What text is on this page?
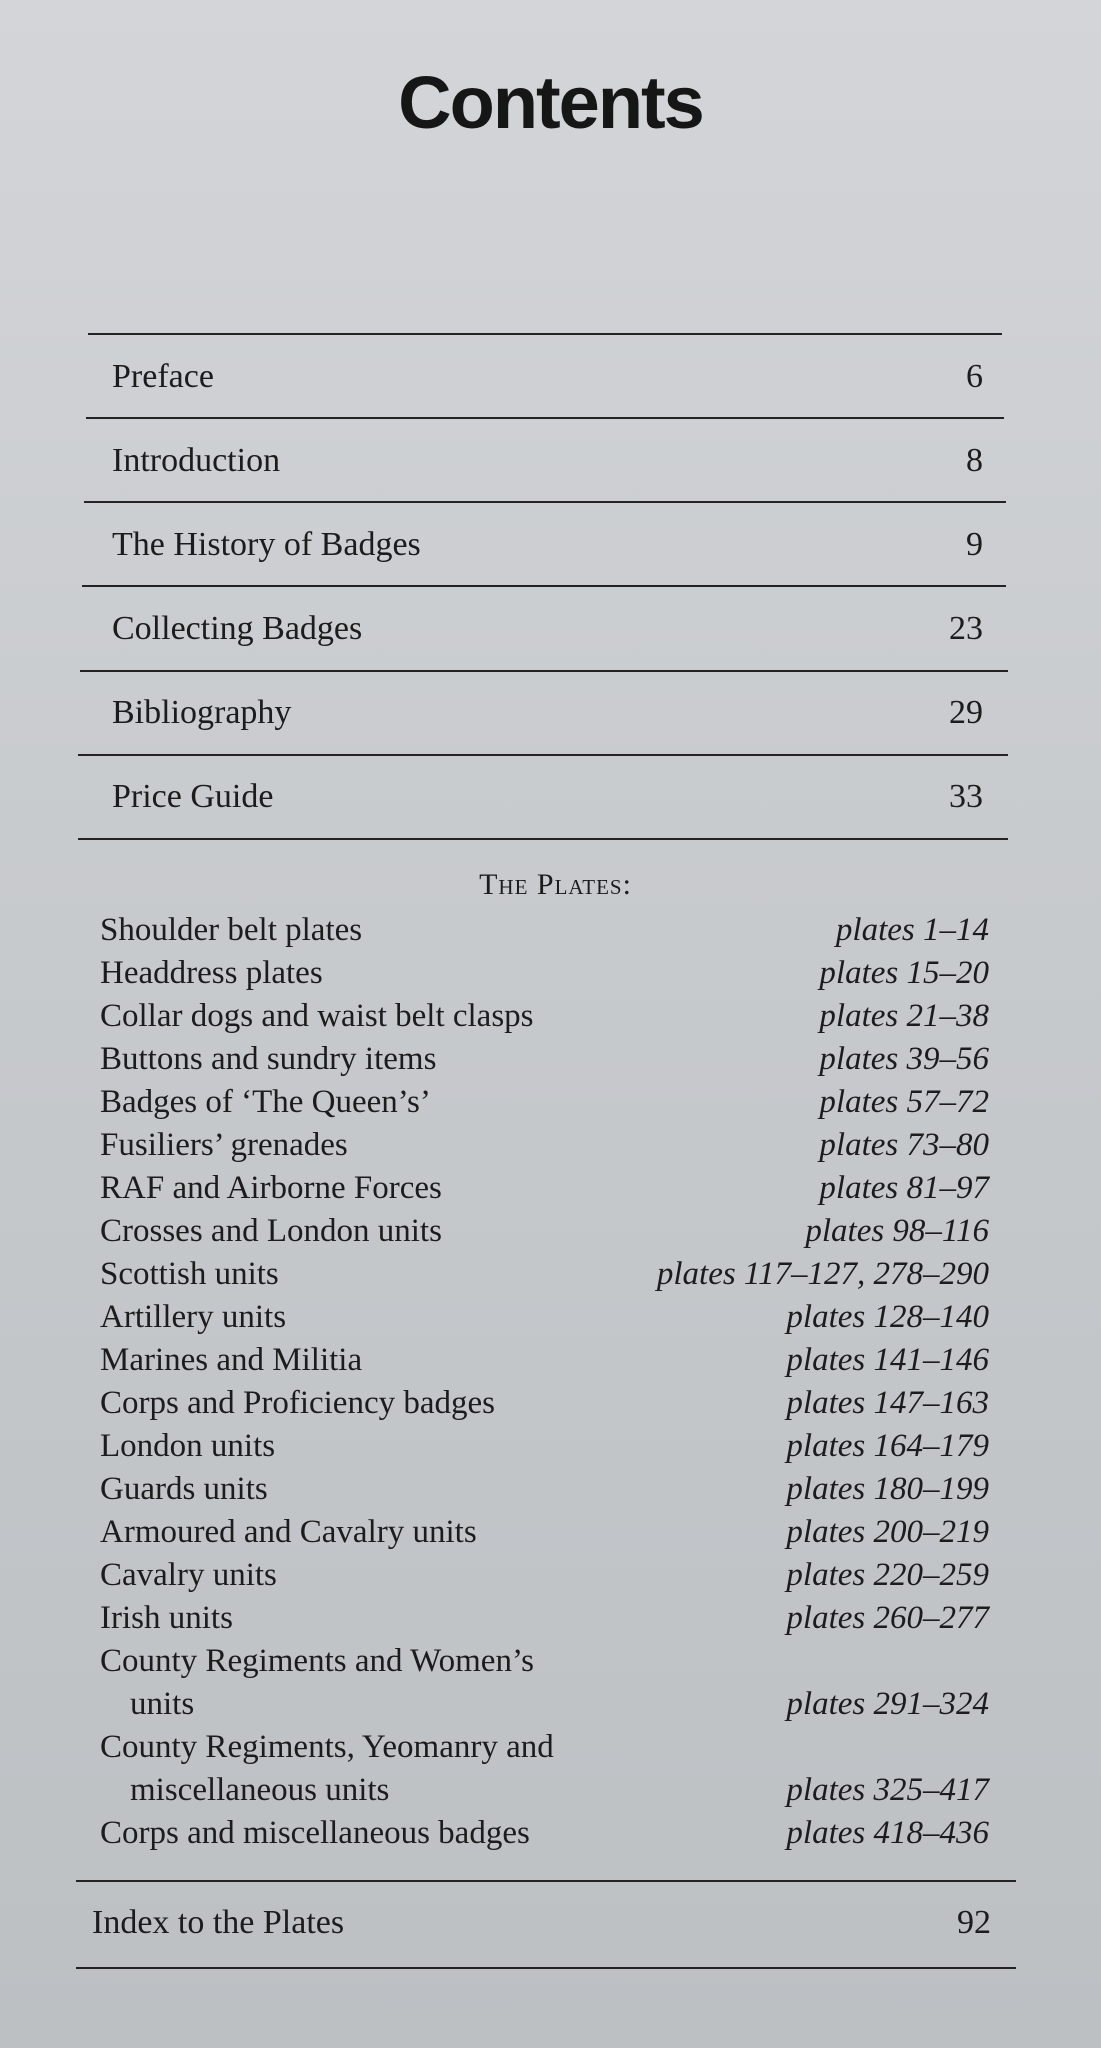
Contents
Preface	6
Introduction	8
The History of Badges	9
Collecting Badges	23
Bibliography	29
Price Guide	33
The Plates:
Shoulder belt plates	plates 1–14
Headdress plates	plates 15–20
Collar dogs and waist belt clasps	plates 21–38
Buttons and sundry items	plates 39–56
Badges of ‘The Queen’s’	plates 57–72
Fusiliers’ grenades	plates 73–80
RAF and Airborne Forces	plates 81–97
Crosses and London units	plates 98–116
Scottish units	plates 117–127, 278–290
Artillery units	plates 128–140
Marines and Militia	plates 141–146
Corps and Proficiency badges	plates 147–163
London units	plates 164–179
Guards units	plates 180–199
Armoured and Cavalry units	plates 200–219
Cavalry units	plates 220–259
Irish units	plates 260–277
County Regiments and Women’s
units	plates 291–324
County Regiments, Yeomanry and
miscellaneous units	plates 325–417
Corps and miscellaneous badges	plates 418–436
Index to the Plates	92
